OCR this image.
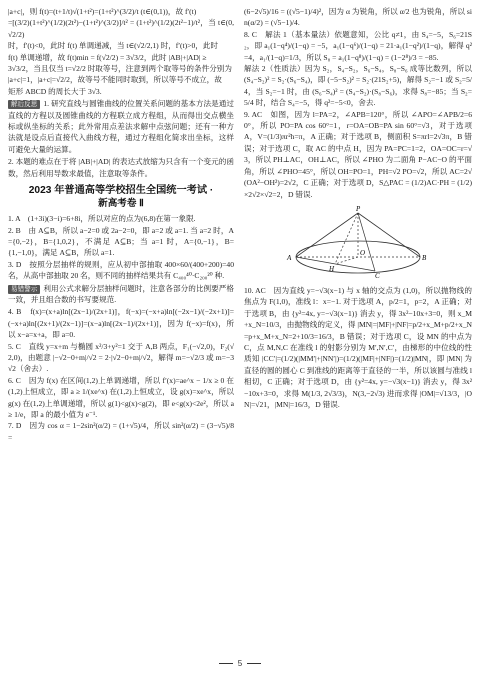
|a+c|，则 f(t)=(t+1/t)√(1+t²)=(1+t²)^(3/2)/t (t∈(0,1))，故 f′(t)

=[(3/2)(1+t²)^(1/2)(2t²)−(1+t²)^(3/2)]/t² = (1+t²)^(1/2)(2t²−1)/t²，当 t∈(0,√2/2)

时，f′(t)<0，此时 f(t) 单调递减，当 t∈(√2/2,1) 时，f′(t)>0，此时

f(t) 单调递增，故 f(t)min = f(√2/2) = 3√3/2，此时 |AB|+|AD| ≥

3√3/2，当且仅当 t=√2/2 时取等号，注意到两个取等号的条件分别为

|a+c|=1，|a+c|=√2/2，故等号不能同时取到，所以等号不成立，故

矩形 ABCD 的周长大于 3√3.

解后反思 1. 研究直线与圆锥曲线的位置关系问题的基本方法是通过直线的方程以及圆锥曲线的方程联立成方程组，从而得出交点横坐标或纵坐标的关系；此外常用点差法求解中点弦问题；还有一种方法就是设点后直接代入曲线方程，通过方程组化简求出坐标，这样可避免大量的运算。

2. 本题的难点在于将 |AB|+|AD| 的表达式放缩为只含有一个变元的函数，然后利用导数求最值，注意取等条件。

2023 年普通高等学校招生全国统一考试 ·
新高考卷 Ⅱ

1. A　(1+3i)(3−i)=6+8i，所以对应的点为(6,8)在第一象限.

2. B　由 A⊆B，所以 a−2=0 或 2a−2=0，即 a=2 或 a=1. 当 a=2 时，A={0,−2}，B={1,0,2}，不满足 A⊆B；当 a=1 时，A={0,−1}，B={1,−1,0}，满足 A⊆B，所以 a=1.

3. D　按照分层抽样的规则，应从初中部抽取 400×60/(400+200)=40 名，从高中部抽取 20 名，则不同的抽样结果共有 C₄₀₀⁴⁰·C₂₀₀²⁰ 种.

易错警示 利用公式求解分层抽样问题时，注意各部分的比例要严格一致，并且组合数的书写要规范.

4. B　f(x)=(x+a)ln[(2x−1)/(2x+1)]，f(−x)=(−x+a)ln[(−2x−1)/(−2x+1)]=(−x+a)ln[(2x+1)/(2x−1)]=(x−a)ln[(2x−1)/(2x+1)]，因为 f(−x)=f(x)，所以 x−a=x+a，即 a=0.

5. C　直线 y=x+m 与椭圆 x²/3+y²=1 交于 A,B 两点，F₁(−√2,0)，F₂(√2,0)，由题意 |−√2−0+m|/√2 = 2·|√2−0+m|/√2，解得 m=−√2/3 或 m=−3√2（舍去）.

6. C　因为 f(x) 在区间(1,2)上单调递增，所以 f′(x)=ae^x − 1/x ≥ 0 在(1,2)上恒成立，即 a ≥ 1/(xe^x) 在(1,2)上恒成立，设 g(x)=xe^x，所以 g(x) 在(1,2)上单调递增，所以 g(1)<g(x)<g(2)，即 e<g(x)<2e²，所以 a ≥ 1/e，即 a 的最小值为 e⁻¹.

7. D　因为 cos α = 1−2sin²(α/2) = (1+√5)/4，所以 sin²(α/2) = (3−√5)/8 =

(6−2√5)/16 = ((√5−1)/4)²，因为 α 为锐角，所以 α/2 也为锐角，所以 sin(α/2) = (√5−1)/4.

8. C　解法 1（基本量法）依题意知，公比 q≠1，由 S₄=−5，S₆=21S₂，即 a₁(1−q⁴)/(1−q) = −5，a₁(1−q⁶)/(1−q) = 21·a₁(1−q²)/(1−q)，解得 q²=4，a₁/(1−q)=1/3，所以 S₈ = a₁(1−q⁸)/(1−q) = (1−2⁸)/3 = −85.

解法 2（性质法）因为 S₂，S₄−S₂，S₆−S₄，S₈−S₆ 成等比数列，所以 (S₄−S₂)² = S₂·(S₆−S₄)，即 (−5−S₂)² = S₂·(21S₂+5)，解得 S₂=−1 或 S₂=5/4，当 S₂=−1 时，由 (S₆−S₄)² = (S₄−S₂)·(S₈−S₆)，求得 S₈=−85；当 S₂=5/4 时，结合 S₄=−5，得 q²=−5<0，舍去.

9. AC　如图，因为 l=PA=2，∠APB=120°，所以 ∠APO=∠APB/2=60°，所以 PO=PA cos 60°=1，r=OA=OB=PA sin 60°=√3，对于选项 A，V=(1/3)πr²h=π，A 正确；对于选项 B，侧面积 S=πrl=2√3π，B 错误；对于选项 C，取 AC 的中点 H，因为 PA=PC=1=2，OA=OC=r=√3，所以 PH⊥AC，OH⊥AC，所以 ∠PHO 为二面角 P−AC−O 的平面角，所以 ∠PHO=45°，所以 OH=PO=1，PH=√2 PO=√2，所以 AC=2√(OA²−OH²)=2√2，C 正确；对于选项 D，S△PAC = (1/2)AC·PH = (1/2)×2√2×√2=2，D 错误.

P
A	B
C
O
H

10. AC　因为直线 y=−√3(x−1) 与 x 轴的交点为 (1,0)，所以抛物线的焦点为 F(1,0)，准线 l：x=−1. 对于选项 A，p/2=1，p=2，A 正确；对于选项 B，由 {y²=4x, y=−√3(x−1)} 消去 y，得 3x²−10x+3=0，则 x_M+x_N=10/3，由抛物线的定义，得 |MN|=|MF|+|NF|=p/2+x_M+p/2+x_N=p+x_M+x_N=2+10/3=16/3，B 错误；对于选项 C，设 MN 的中点为 C，点 M,N,C 在准线 l 的射影分别为 M′,N′,C′，由梯形的中位线的性质知 |CC′|=(1/2)(|MM′|+|NN′|)=(1/2)(|MF|+|NF|)=(1/2)|MN|，即 |MN| 为直径的圆的圆心 C 到准线的距离等于直径的一半，所以该圆与准线 l 相切，C 正确；对于选项 D，由 {y²=4x, y=−√3(x−1)} 消去 y，得 3x²−10x+3=0，求得 M(1/3, 2√3/3)，N(3,−2√3) 进而求得 |OM|=√13/3，|ON|=√21，|MN|=16/3，D 错误.

5
